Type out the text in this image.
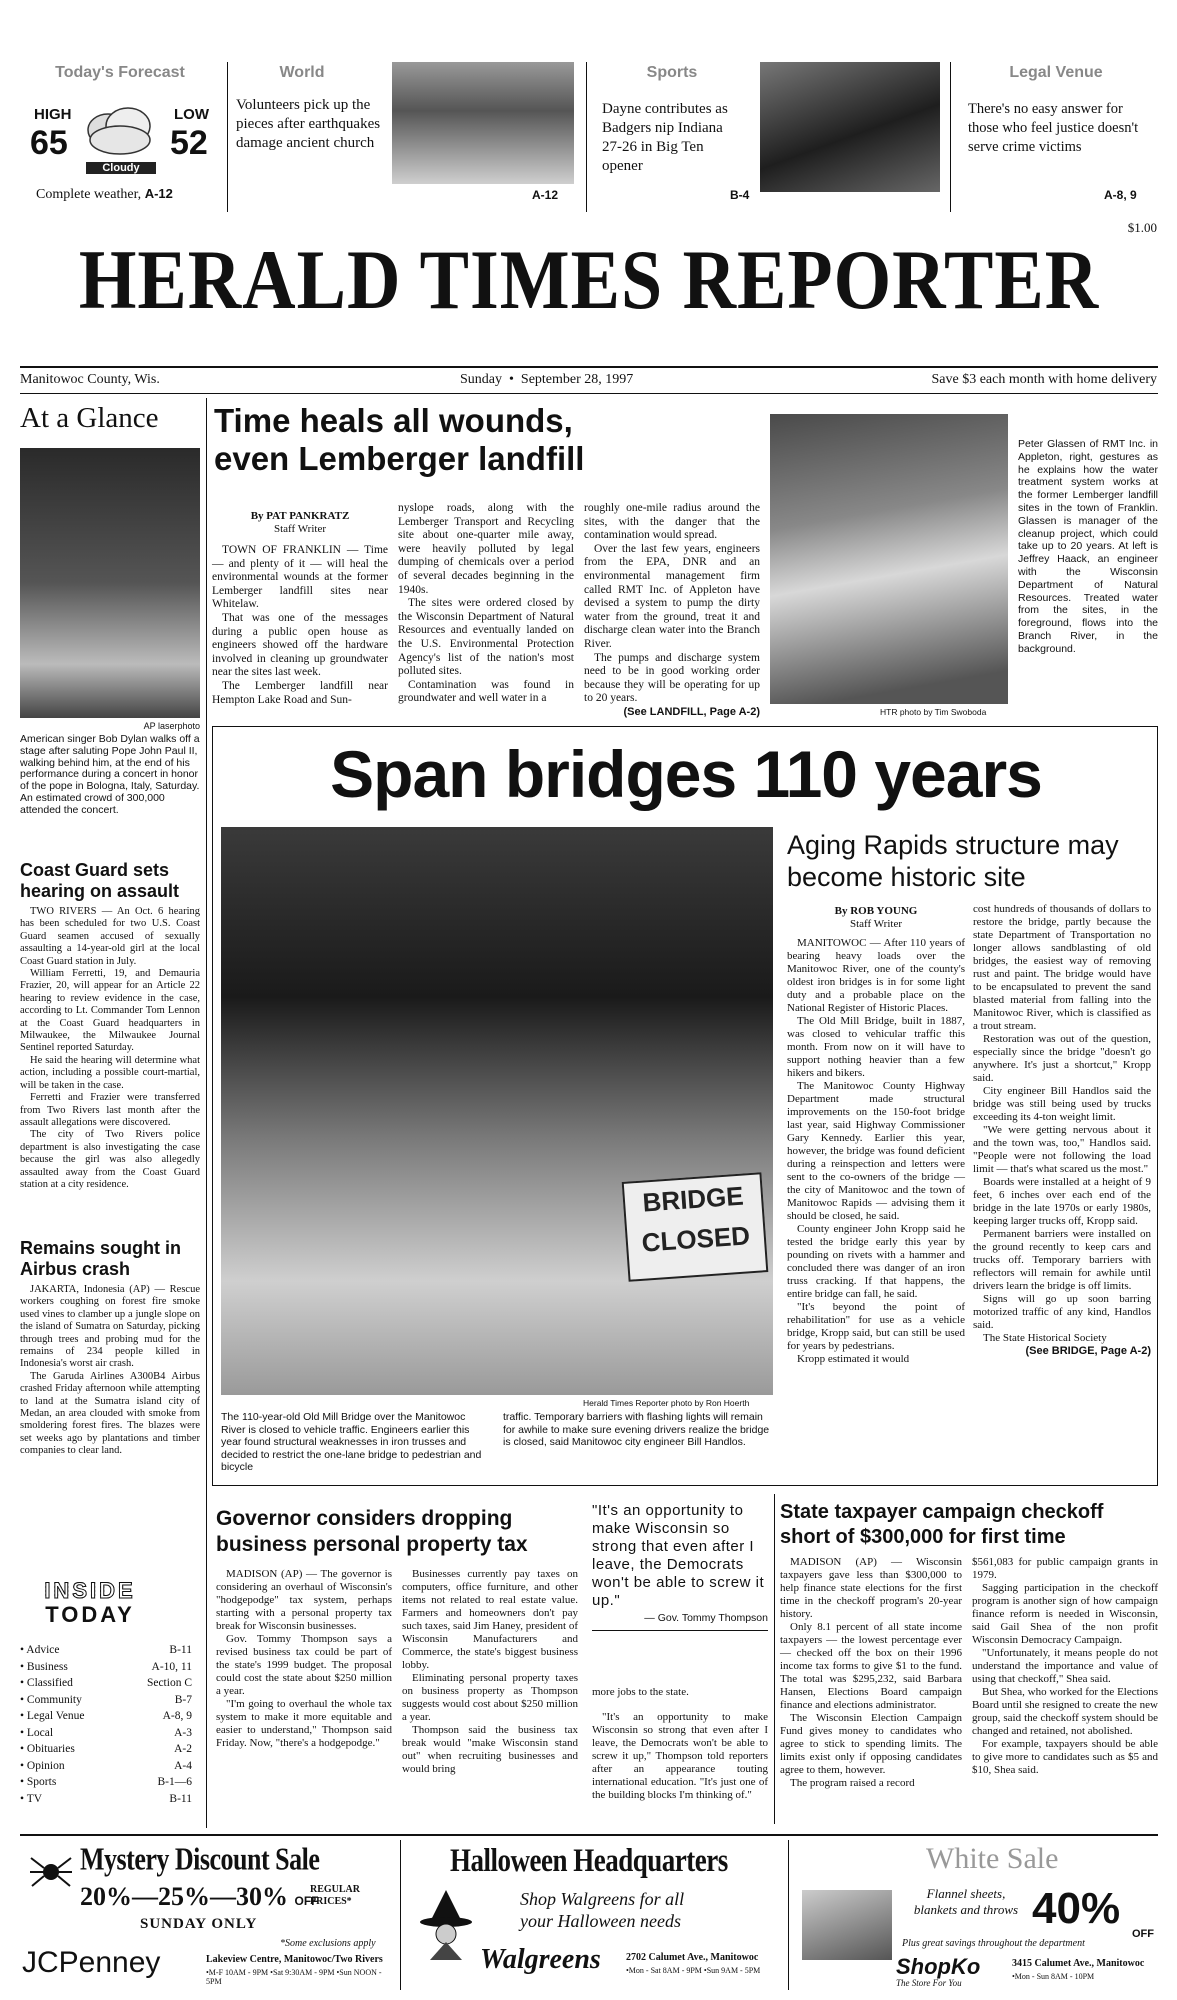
Today's Forecast
HIGH
65
Cloudy
LOW
52
Complete weather, A-12
World
Volunteers pick up the pieces after earthquakes damage ancient church
A-12
Sports
Dayne contributes as Badgers nip Indiana 27-26 in Big Ten opener
B-4
Legal Venue
There's no easy answer for those who feel justice doesn't serve crime victims
A-8, 9
$1.00
HERALD TIMES REPORTER
Manitowoc County, Wis.	Sunday  •  September 28, 1997	Save $3 each month with home delivery
At a Glance
AP laserphoto
American singer Bob Dylan walks off a stage after saluting Pope John Paul II, walking behind him, at the end of his performance during a concert in honor of the pope in Bologna, Italy, Saturday. An estimated crowd of 300,000 attended the concert.
Coast Guard sets hearing on assault

TWO RIVERS — An Oct. 6 hearing has been scheduled for two U.S. Coast Guard seamen accused of sexually assaulting a 14-year-old girl at the local Coast Guard station in July.

William Ferretti, 19, and Demauria Frazier, 20, will appear for an Article 22 hearing to review evidence in the case, according to Lt. Commander Tom Lennon at the Coast Guard headquarters in Milwaukee, the Milwaukee Journal Sentinel reported Saturday.

He said the hearing will determine what action, including a possible court-martial, will be taken in the case.

Ferretti and Frazier were transferred from Two Rivers last month after the assault allegations were discovered.

The city of Two Rivers police department is also investigating the case because the girl was also allegedly assaulted away from the Coast Guard station at a city residence.

Remains sought in Airbus crash

JAKARTA, Indonesia (AP) — Rescue workers coughing on forest fire smoke used vines to clamber up a jungle slope on the island of Sumatra on Saturday, picking through trees and probing mud for the remains of 234 people killed in Indonesia's worst air crash.

The Garuda Airlines A300B4 Airbus crashed Friday afternoon while attempting to land at the Sumatra island city of Medan, an area clouded with smoke from smoldering forest fires. The blazes were set weeks ago by plantations and timber companies to clear land.

INSIDE
TODAY
• Advice	B-11
• Business	A-10, 11
• Classified	Section C
• Community	B-7
• Legal Venue	A-8, 9
• Local	A-3
• Obituaries	A-2
• Opinion	A-4
• Sports	B-1—6
• TV	B-11
Time heals all wounds,
even Lemberger landfill
By PAT PANKRATZ
Staff Writer

TOWN OF FRANKLIN — Time — and plenty of it — will heal the environmental wounds at the former Lemberger landfill sites near Whitelaw.

That was one of the messages during a public open house as engineers showed off the hardware involved in cleaning up groundwater near the sites last week.

The Lemberger landfill near Hempton Lake Road and Sun-

nyslope roads, along with the Lemberger Transport and Recycling site about one-quarter mile away, were heavily polluted by legal dumping of chemicals over a period of several decades beginning in the 1940s.

The sites were ordered closed by the Wisconsin Department of Natural Resources and eventually landed on the U.S. Environmental Protection Agency's list of the nation's most polluted sites.

Contamination was found in groundwater and well water in a

roughly one-mile radius around the sites, with the danger that the contamination would spread.

Over the last few years, engineers from the EPA, DNR and an environmental management firm called RMT Inc. of Appleton have devised a system to pump the dirty water from the ground, treat it and discharge clean water into the Branch River.

The pumps and discharge system need to be in good working order because they will be operating for up to 20 years.

(See LANDFILL, Page A-2)	HTR photo by Tim Swoboda
Peter Glassen of RMT Inc. in Appleton, right, gestures as he explains how the water treatment system works at the former Lemberger landfill sites in the town of Franklin. Glassen is manager of the cleanup project, which could take up to 20 years. At left is Jeffrey Haack, an engineer with the Wisconsin Department of Natural Resources. Treated water from the sites, in the foreground, flows into the Branch River, in the background.
Span bridges 110 years
BRIDGE
CLOSED
Herald Times Reporter photo by Ron Hoerth
The 110-year-old Old Mill Bridge over the Manitowoc River is closed to vehicle traffic. Engineers earlier this year found structural weaknesses in iron trusses and decided to restrict the one-lane bridge to pedestrian and bicycle
traffic. Temporary barriers with flashing lights will remain for awhile to make sure evening drivers realize the bridge is closed, said Manitowoc city engineer Bill Handlos.
Aging Rapids structure may become historic site
By ROB YOUNG
Staff Writer

MANITOWOC — After 110 years of bearing heavy loads over the Manitowoc River, one of the county's oldest iron bridges is in for some light duty and a probable place on the National Register of Historic Places.

The Old Mill Bridge, built in 1887, was closed to vehicular traffic this month. From now on it will have to support nothing heavier than a few hikers and bikers.

The Manitowoc County Highway Department made structural improvements on the 150-foot bridge last year, said Highway Commissioner Gary Kennedy. Earlier this year, however, the bridge was found deficient during a reinspection and letters were sent to the co-owners of the bridge — the city of Manitowoc and the town of Manitowoc Rapids — advising them it should be closed, he said.

County engineer John Kropp said he tested the bridge early this year by pounding on rivets with a hammer and concluded there was danger of an iron truss cracking. If that happens, the entire bridge can fall, he said.

"It's beyond the point of rehabilitation" for use as a vehicle bridge, Kropp said, but can still be used for years by pedestrians.

Kropp estimated it would

cost hundreds of thousands of dollars to restore the bridge, partly because the state Department of Transportation no longer allows sandblasting of old bridges, the easiest way of removing rust and paint. The bridge would have to be encapsulated to prevent the sand blasted material from falling into the Manitowoc River, which is classified as a trout stream.

Restoration was out of the question, especially since the bridge "doesn't go anywhere. It's just a shortcut," Kropp said.

City engineer Bill Handlos said the bridge was still being used by trucks exceeding its 4-ton weight limit.

"We were getting nervous about it and the town was, too," Handlos said. "People were not following the load limit — that's what scared us the most."

Boards were installed at a height of 9 feet, 6 inches over each end of the bridge in the late 1970s or early 1980s, keeping larger trucks off, Kropp said.

Permanent barriers were installed on the ground recently to keep cars and trucks off. Temporary barriers with reflectors will remain for awhile until drivers learn the bridge is off limits.

Signs will go up soon barring motorized traffic of any kind, Handlos said.

The State Historical Society

(See BRIDGE, Page A-2)
Governor considers dropping business personal property tax

MADISON (AP) — The governor is considering an overhaul of Wisconsin's "hodgepodge" tax system, perhaps starting with a personal property tax break for Wisconsin businesses.

Gov. Tommy Thompson says a revised business tax could be part of the state's 1999 budget. The proposal could cost the state about $250 million a year.

"I'm going to overhaul the whole tax system to make it more equitable and easier to understand," Thompson said Friday. Now, "there's a hodgepodge."

Businesses currently pay taxes on computers, office furniture, and other items not related to real estate value. Farmers and homeowners don't pay such taxes, said Jim Haney, president of Wisconsin Manufacturers and Commerce, the state's biggest business lobby.

Eliminating personal property taxes on business property as Thompson suggests would cost about $250 million a year.

Thompson said the business tax break would "make Wisconsin stand out" when recruiting businesses and would bring

"It's an opportunity to make Wisconsin so strong that even after I leave, the Democrats won't be able to screw it up."
— Gov. Tommy Thompson

more jobs to the state.

"It's an opportunity to make Wisconsin so strong that even after I leave, the Democrats won't be able to screw it up," Thompson told reporters after an appearance touting international education. "It's just one of the building blocks I'm thinking of."

State taxpayer campaign checkoff short of $300,000 for first time

MADISON (AP) — Wisconsin taxpayers gave less than $300,000 to help finance state elections for the first time in the checkoff program's 20-year history.

Only 8.1 percent of all state income taxpayers — the lowest percentage ever — checked off the box on their 1996 income tax forms to give $1 to the fund. The total was $295,232, said Barbara Hansen, Elections Board campaign finance and elections administrator.

The Wisconsin Election Campaign Fund gives money to candidates who agree to stick to spending limits. The limits exist only if opposing candidates agree to them, however.

The program raised a record

$561,083 for public campaign grants in 1979.

Sagging participation in the checkoff program is another sign of how campaign finance reform is needed in Wisconsin, said Gail Shea of the non profit Wisconsin Democracy Campaign.

"Unfortunately, it means people do not understand the importance and value of using that checkoff," Shea said.

But Shea, who worked for the Elections Board until she resigned to create the new group, said the checkoff system should be changed and retained, not abolished.

For example, taxpayers should be able to give more to candidates such as $5 and $10, Shea said.

Mystery Discount Sale
20%—25%—30% OFF
REGULAR PRICES*
SUNDAY ONLY
*Some exclusions apply
JCPenney	Lakeview Centre, Manitowoc/Two Rivers
•M-F 10AM - 9PM •Sat 9:30AM - 9PM •Sun NOON - 5PM
Halloween Headquarters
Shop Walgreens for all your Halloween needs
Walgreens	2702 Calumet Ave., Manitowoc
•Mon - Sat 8AM - 9PM •Sun 9AM - 5PM
White Sale
Flannel sheets, blankets and throws 40%
OFF
Plus great savings throughout the department
ShopKo
The Store For You
3415 Calumet Ave., Manitowoc
•Mon - Sun 8AM - 10PM
